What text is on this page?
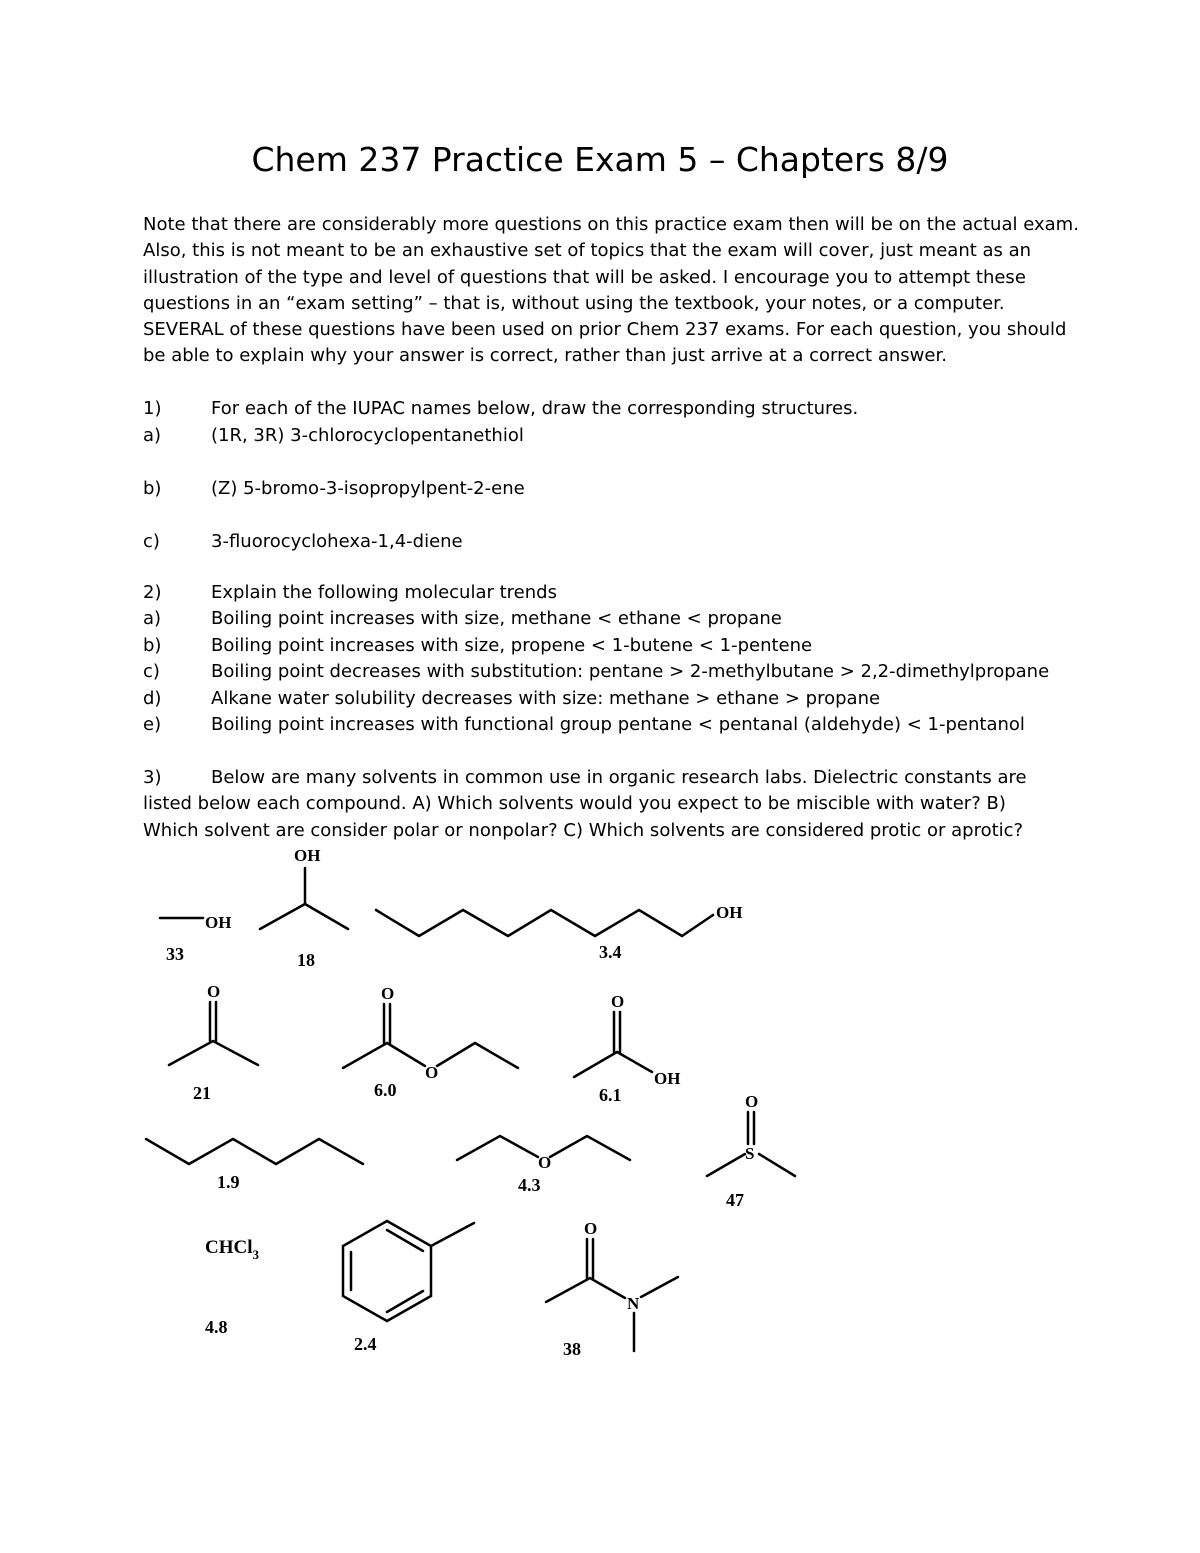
Chem 237 Practice Exam 5 – Chapters 8/9
Note that there are considerably more questions on this practice exam then will be on the actual exam.
Also, this is not meant to be an exhaustive set of topics that the exam will cover, just meant as an
illustration of the type and level of questions that will be asked. I encourage you to attempt these
questions in an “exam setting” – that is, without using the textbook, your notes, or a computer.
SEVERAL of these questions have been used on prior Chem 237 exams. For each question, you should
be able to explain why your answer is correct, rather than just arrive at a correct answer.
1)	For each of the IUPAC names below, draw the corresponding structures.
a)	(1R, 3R) 3-chlorocyclopentanethiol
b)	(Z) 5-bromo-3-isopropylpent-2-ene
c)	3-fluorocyclohexa-1,4-diene
2)	Explain the following molecular trends
a)	Boiling point increases with size, methane < ethane < propane
b)	Boiling point increases with size, propene < 1-butene < 1-pentene
c)	Boiling point decreases with substitution: pentane > 2-methylbutane > 2,2-dimethylpropane
d)	Alkane water solubility decreases with size: methane > ethane > propane
e)	Boiling point increases with functional group pentane < pentanal (aldehyde) < 1-pentanol
3)	Below are many solvents in common use in organic research labs. Dielectric constants are listed below each compound. A) Which solvents would you expect to be miscible with water? B) Which solvent are consider polar or nonpolar? C) Which solvents are considered protic or aprotic?
OH
33
OH
18
OH
3.4
O
21
O
O
6.0
O
OH
6.1
1.9
O
4.3
O
S
47
CHCl$_3$
4.8
2.4
O
N
38
